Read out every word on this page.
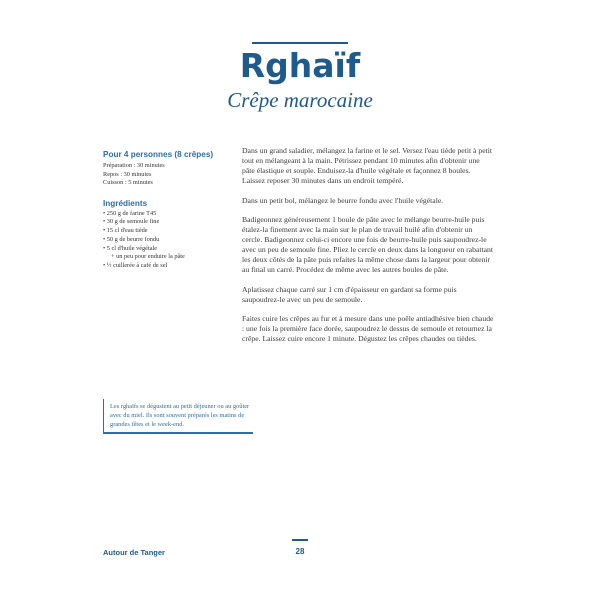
Rghaïf
Crêpe marocaine
Pour 4 personnes (8 crêpes)
Préparation : 30 minutes
Repos : 30 minutes
Cuisson : 5 minutes
Ingrédients
• 250 g de farine T45
• 30 g de semoule fine
• 15 cl d'eau tiède
• 50 g de beurre fondu
• 5 cl d'huile végétale
+ un peu pour enduire la pâte
• ½ cuillerée à café de sel

Dans un grand saladier, mélangez la farine et le sel. Versez l'eau tiède petit à petit tout en mélangeant à la main. Pétrissez pendant 10 minutes afin d'obtenir une pâte élastique et souple. Enduisez-la d'huile végétale et façonnez 8 boules. Laissez reposer 30 minutes dans un endroit tempéré.

Dans un petit bol, mélangez le beurre fondu avec l'huile végétale.

Badigeonnez généreusement 1 boule de pâte avec le mélange beurre-huile puis étalez-la finement avec la main sur le plan de travail huilé afin d'obtenir un cercle. Badigeonnez celui-ci encore une fois de beurre-huile puis saupoudrez-le avec un peu de semoule fine. Pliez le cercle en deux dans la longueur en rabattant les deux côtés de la pâte puis refaites la même chose dans la largeur pour obtenir au final un carré. Procédez de même avec les autres boules de pâte.

Aplatissez chaque carré sur 1 cm d'épaisseur en gardant sa forme puis saupoudrez-le avec un peu de semoule.

Faites cuire les crêpes au fur et à mesure dans une poêle antiadhésive bien chaude : une fois la première face dorée, saupoudrez le dessus de semoule et retournez la crêpe. Laissez cuire encore 1 minute. Dégustez les crêpes chaudes ou tièdes.

Les rghaïfs se dégustent au petit déjeuner ou au goûter avec du miel. Ils sont souvent préparés les matins de grandes fêtes et le week-end.
Autour de Tanger	28
